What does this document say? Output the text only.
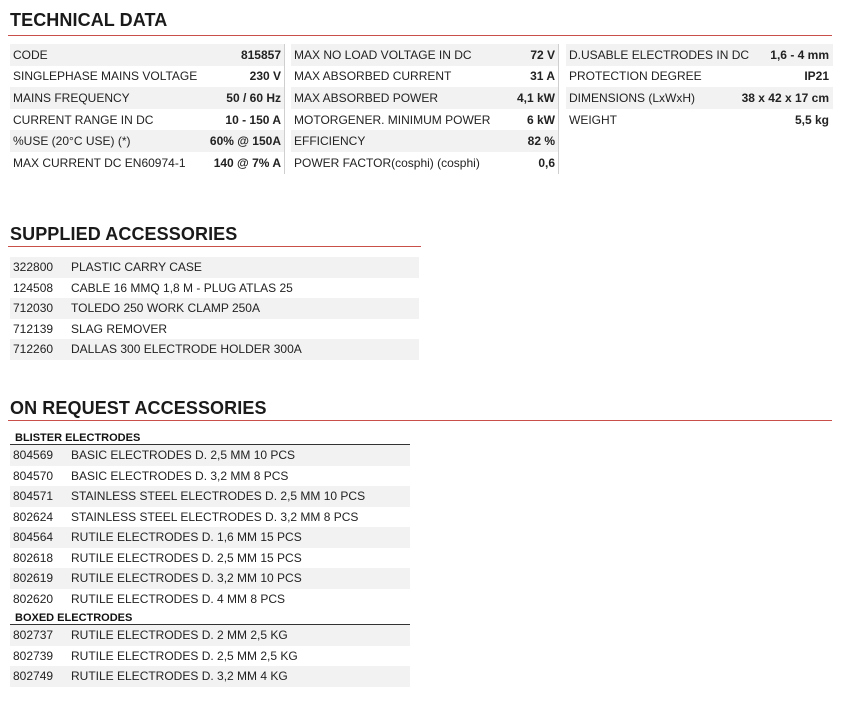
TECHNICAL DATA
CODE	815857
SINGLEPHASE MAINS VOLTAGE	230 V
MAINS FREQUENCY	50 / 60 Hz
CURRENT RANGE IN DC	10 - 150 A
%USE (20°C USE) (*)	60% @ 150A
MAX CURRENT DC EN60974-1 140 @ 7% A
MAX NO LOAD VOLTAGE IN DC	72 V
MAX ABSORBED CURRENT	31 A
MAX ABSORBED POWER	4,1 kW
MOTORGENER. MINIMUM POWER	6 kW
EFFICIENCY	82 %
POWER FACTOR(cosphi) (cosphi)	0,6
D.USABLE ELECTRODES IN DC 1,6 - 4 mm
PROTECTION DEGREE	IP21
DIMENSIONS (LxWxH)	38 x 42 x 17 cm
WEIGHT	5,5 kg
SUPPLIED ACCESSORIES
322800	PLASTIC CARRY CASE
124508	CABLE 16 MMQ 1,8 M - PLUG ATLAS 25
712030	TOLEDO 250 WORK CLAMP 250A
712139	SLAG REMOVER
712260	DALLAS 300 ELECTRODE HOLDER 300A
ON REQUEST ACCESSORIES
BLISTER ELECTRODES
804569	BASIC ELECTRODES D. 2,5 MM 10 PCS
804570	BASIC ELECTRODES D. 3,2 MM 8 PCS
804571	STAINLESS STEEL ELECTRODES D. 2,5 MM 10 PCS
802624	STAINLESS STEEL ELECTRODES D. 3,2 MM 8 PCS
804564	RUTILE ELECTRODES D. 1,6 MM 15 PCS
802618	RUTILE ELECTRODES D. 2,5 MM 15 PCS
802619	RUTILE ELECTRODES D. 3,2 MM 10 PCS
802620	RUTILE ELECTRODES D. 4 MM 8 PCS
BOXED ELECTRODES
802737	RUTILE ELECTRODES D. 2 MM 2,5 KG
802739	RUTILE ELECTRODES D. 2,5 MM 2,5 KG
802749	RUTILE ELECTRODES D. 3,2 MM 4 KG
